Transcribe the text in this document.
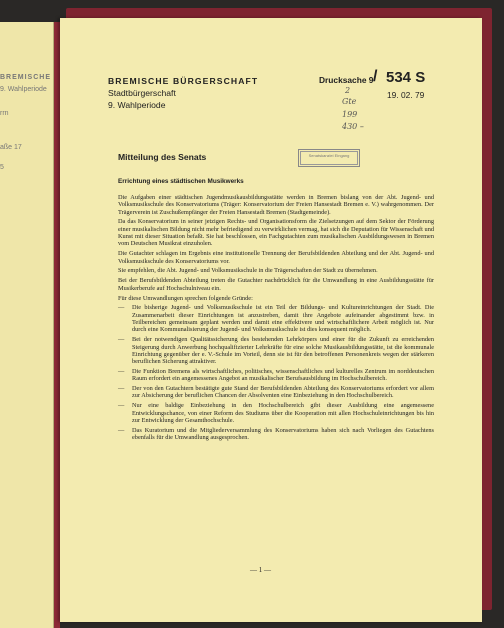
BREMISCHE
9. Wahlperiode
rrn
aße 17
5
BREMISCHE BÜRGERSCHAFT
Stadtbürgerschaft
9. Wahlperiode
Drucksache 9 / 534 S
19. 02. 79
2
Gte
199
430 –
Mitteilung des Senats	Senatskanzlei Eingang
Errichtung eines städtischen Musikwerks

Die Aufgaben einer städtischen Jugendmusikausbildungsstätte werden in Bremen bislang von der Abt. Jugend- und Volksmusikschule des Konservatoriums (Träger: Konservatorium der Freien Hansestadt Bremen e. V.) wahrgenommen. Der Trägerverein ist Zuschußempfänger der Freien Hansestadt Bremen (Stadtgemeinde).

Da das Konservatorium in seiner jetzigen Rechts- und Organisationsform die Zielsetzungen auf dem Sektor der Förderung einer musikalischen Bildung nicht mehr befriedigend zu verwirklichen vermag, hat sich die Deputation für Wissenschaft und Kunst mit dieser Situation befaßt. Sie hat beschlossen, ein Fachgutachten zum musikalischen Ausbildungswesen in Bremen vom Deutschen Musikrat einzuholen.

Die Gutachter schlagen im Ergebnis eine institutionelle Trennung der Berufsbildenden Abteilung und der Abt. Jugend- und Volksmusikschule des Konservatoriums vor.

Sie empfehlen, die Abt. Jugend- und Volksmusikschule in die Trägerschaften der Stadt zu übernehmen.

Bei der Berufsbildenden Abteilung treten die Gutachter nachdrücklich für die Umwandlung in eine Ausbildungsstätte für Musikerberufe auf Hochschulniveau ein.

Für diese Umwandlungen sprechen folgende Gründe:

— Die bisherige Jugend- und Volksmusikschule ist ein Teil der Bildungs- und Kultureinrichtungen der Stadt. Die Zusammenarbeit dieser Einrichtungen ist anzustreben, damit ihre Angebote aufeinander abgestimmt bzw. in Teilbereichen gemeinsam geplant werden und damit eine effektivere und wirtschaftlichere Arbeit möglich ist. Nur durch eine Kommunalisierung der Jugend- und Volksmusikschule ist dies konsequent möglich.
— Bei der notwendigen Qualitätssicherung des bestehenden Lehrkörpers und einer für die Zukunft zu erreichenden Steigerung durch Anwerbung hochqualifizierter Lehrkräfte für eine solche Musikausbildungsstätte, ist die kommunale Einrichtung gegenüber der e. V.-Schule im Vorteil, denn sie ist für den betroffenen Personenkreis wegen der stärkeren beruflichen Sicherung attraktiver.
— Die Funktion Bremens als wirtschaftliches, politisches, wissenschaftliches und kulturelles Zentrum im norddeutschen Raum erfordert ein angemessenes Angebot an musikalischer Berufsausbildung im Hochschulbereich.
— Der von den Gutachtern bestätigte gute Stand der Berufsbildenden Abteilung des Konservatoriums erfordert vor allem zur Absicherung der beruflichen Chancen der Absolventen eine Einbeziehung in den Hochschulbereich.
— Nur eine baldige Einbeziehung in den Hochschulbereich gibt dieser Ausbildung eine angemessene Entwicklungschance, von einer Reform des Studiums über die Kooperation mit allen Hochschuleinrichtungen bis hin zur Entwicklung der Gesamthochschule.
— Das Kuratorium und die Mitgliederversammlung des Konservatoriums haben sich nach Vorliegen des Gutachtens ebenfalls für die Umwandlung ausgesprochen.
— 1 —
